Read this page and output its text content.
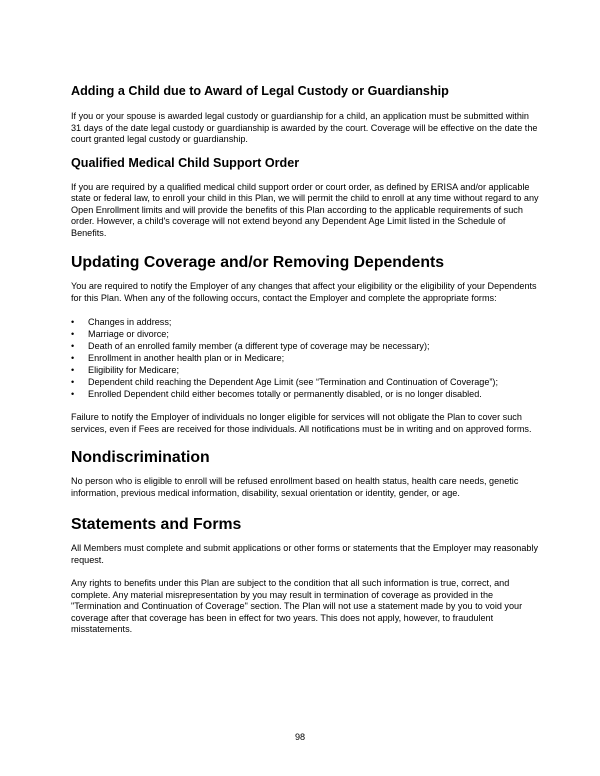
Adding a Child due to Award of Legal Custody or Guardianship

If you or your spouse is awarded legal custody or guardianship for a child, an application must be submitted within 31 days of the date legal custody or guardianship is awarded by the court. Coverage will be effective on the date the court granted legal custody or guardianship.

Qualified Medical Child Support Order

If you are required by a qualified medical child support order or court order, as defined by ERISA and/or applicable state or federal law, to enroll your child in this Plan, we will permit the child to enroll at any time without regard to any Open Enrollment limits and will provide the benefits of this Plan according to the applicable requirements of such order. However, a child's coverage will not extend beyond any Dependent Age Limit listed in the Schedule of Benefits.

Updating Coverage and/or Removing Dependents

You are required to notify the Employer of any changes that affect your eligibility or the eligibility of your Dependents for this Plan. When any of the following occurs, contact the Employer and complete the appropriate forms:

• Changes in address;
• Marriage or divorce;
• Death of an enrolled family member (a different type of coverage may be necessary);
• Enrollment in another health plan or in Medicare;
• Eligibility for Medicare;
• Dependent child reaching the Dependent Age Limit (see “Termination and Continuation of Coverage”);
• Enrolled Dependent child either becomes totally or permanently disabled, or is no longer disabled.

Failure to notify the Employer of individuals no longer eligible for services will not obligate the Plan to cover such services, even if Fees are received for those individuals. All notifications must be in writing and on approved forms.

Nondiscrimination

No person who is eligible to enroll will be refused enrollment based on health status, health care needs, genetic information, previous medical information, disability, sexual orientation or identity, gender, or age.

Statements and Forms

All Members must complete and submit applications or other forms or statements that the Employer may reasonably request.

Any rights to benefits under this Plan are subject to the condition that all such information is true, correct, and complete. Any material misrepresentation by you may result in termination of coverage as provided in the "Termination and Continuation of Coverage" section. The Plan will not use a statement made by you to void your coverage after that coverage has been in effect for two years. This does not apply, however, to fraudulent misstatements.

98
